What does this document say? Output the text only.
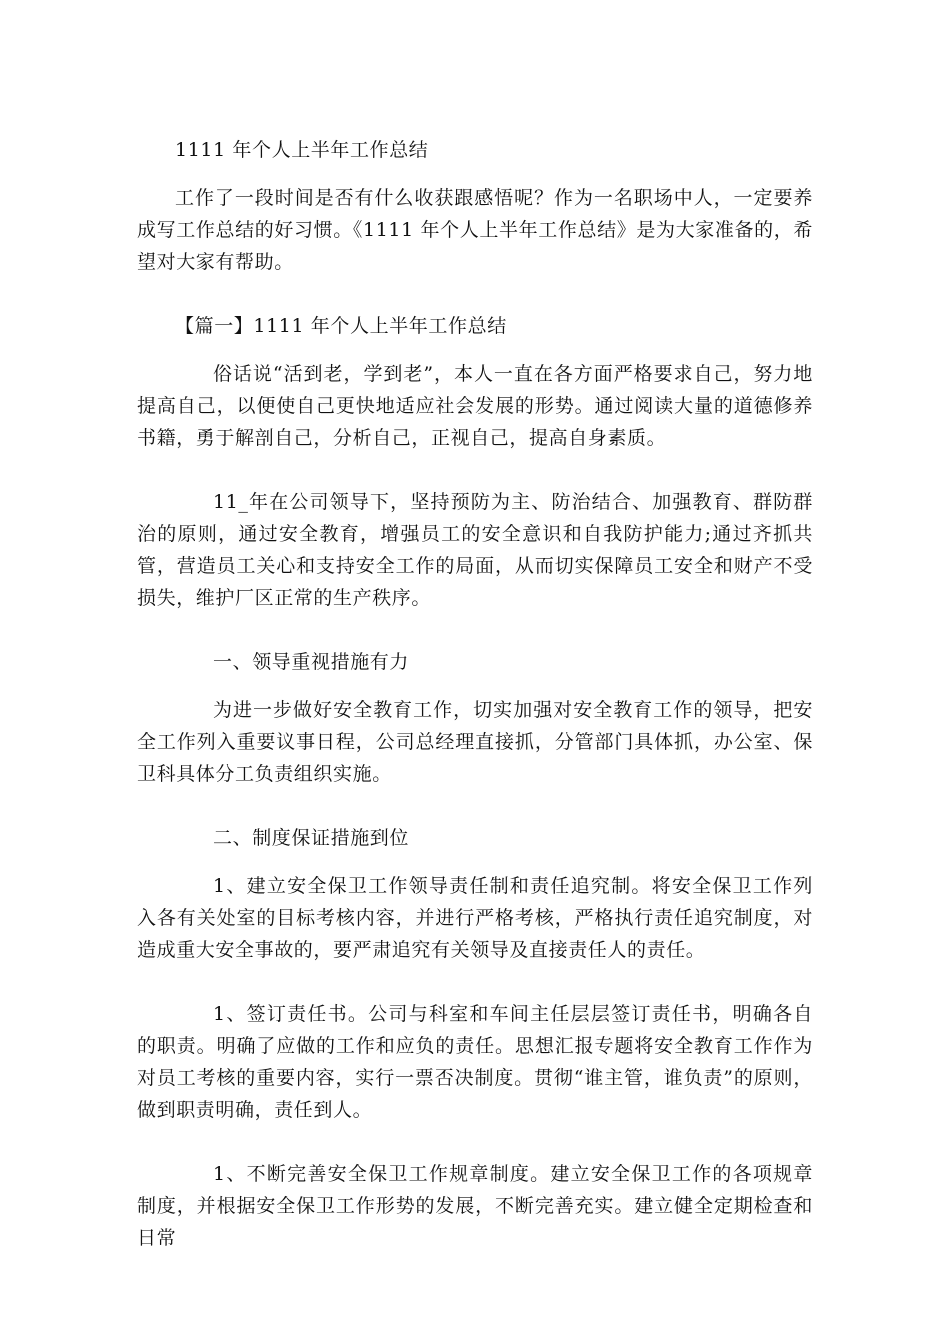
1111 年个人上半年工作总结

工作了一段时间是否有什么收获跟感悟呢？作为一名职场中人，一定要养成写工作总结的好习惯。《1111 年个人上半年工作总结》是为大家准备的，希望对大家有帮助。

【篇一】1111 年个人上半年工作总结

俗话说“活到老，学到老”，本人一直在各方面严格要求自己，努力地提高自己，以便使自己更快地适应社会发展的形势。通过阅读大量的道德修养书籍，勇于解剖自己，分析自己，正视自己，提高自身素质。

11_年在公司领导下，坚持预防为主、防治结合、加强教育、群防群治的原则，通过安全教育，增强员工的安全意识和自我防护能力;通过齐抓共管，营造员工关心和支持安全工作的局面，从而切实保障员工安全和财产不受损失，维护厂区正常的生产秩序。

一、领导重视措施有力

为进一步做好安全教育工作，切实加强对安全教育工作的领导，把安全工作列入重要议事日程，公司总经理直接抓，分管部门具体抓，办公室、保卫科具体分工负责组织实施。

二、制度保证措施到位

1、建立安全保卫工作领导责任制和责任追究制。将安全保卫工作列入各有关处室的目标考核内容，并进行严格考核，严格执行责任追究制度，对造成重大安全事故的，要严肃追究有关领导及直接责任人的责任。

1、签订责任书。公司与科室和车间主任层层签订责任书，明确各自的职责。明确了应做的工作和应负的责任。思想汇报专题将安全教育工作作为对员工考核的重要内容，实行一票否决制度。贯彻“谁主管，谁负责”的原则，做到职责明确，责任到人。

1、不断完善安全保卫工作规章制度。建立安全保卫工作的各项规章制度，并根据安全保卫工作形势的发展，不断完善充实。建立健全定期检查和日常
